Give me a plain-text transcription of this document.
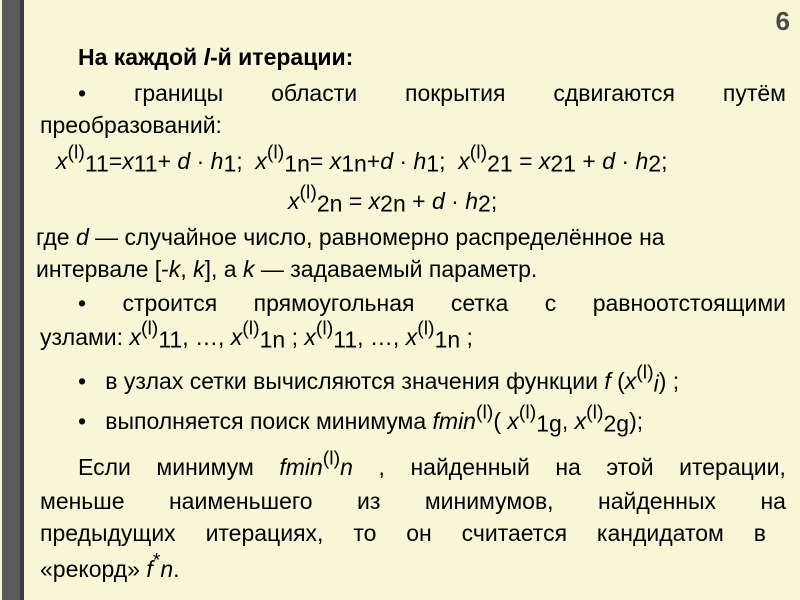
6
На каждой l-й итерации:
• границы области покрытия сдвигаются путём
преобразований:
$x^{(l)}11=x11+ d \cdot h1$; $x^{(l)}1n= x1n+d \cdot h1$; $x^{(l)}21 = x21 + d \cdot h2$;
$x^{(l)}2n = x2n + d \cdot h2$;
где d — случайное число, равномерно распределённое на
интервале [-k, k], а k — задаваемый параметр.
• строится прямоугольная сетка с равноотстоящими
узлами: $x^{(l)}11$, …, $x^{(l)}1n$ ; $x^{(l)}11$, …, $x^{(l)}1n$ ;
• в узлах сетки вычисляются значения функции f $(x^{(l)}i)$ ;
• выполняется поиск минимума fmin$^{(l)}$( $x^{(l)}1g$, $x^{(l)}2g$);
Если минимум fmin$^{(l)}$n , найденный на этой итерации,
меньше наименьшего из минимумов, найденных на
предыдущих итерациях, то он считается кандидатом в
«рекорд» f*n.
